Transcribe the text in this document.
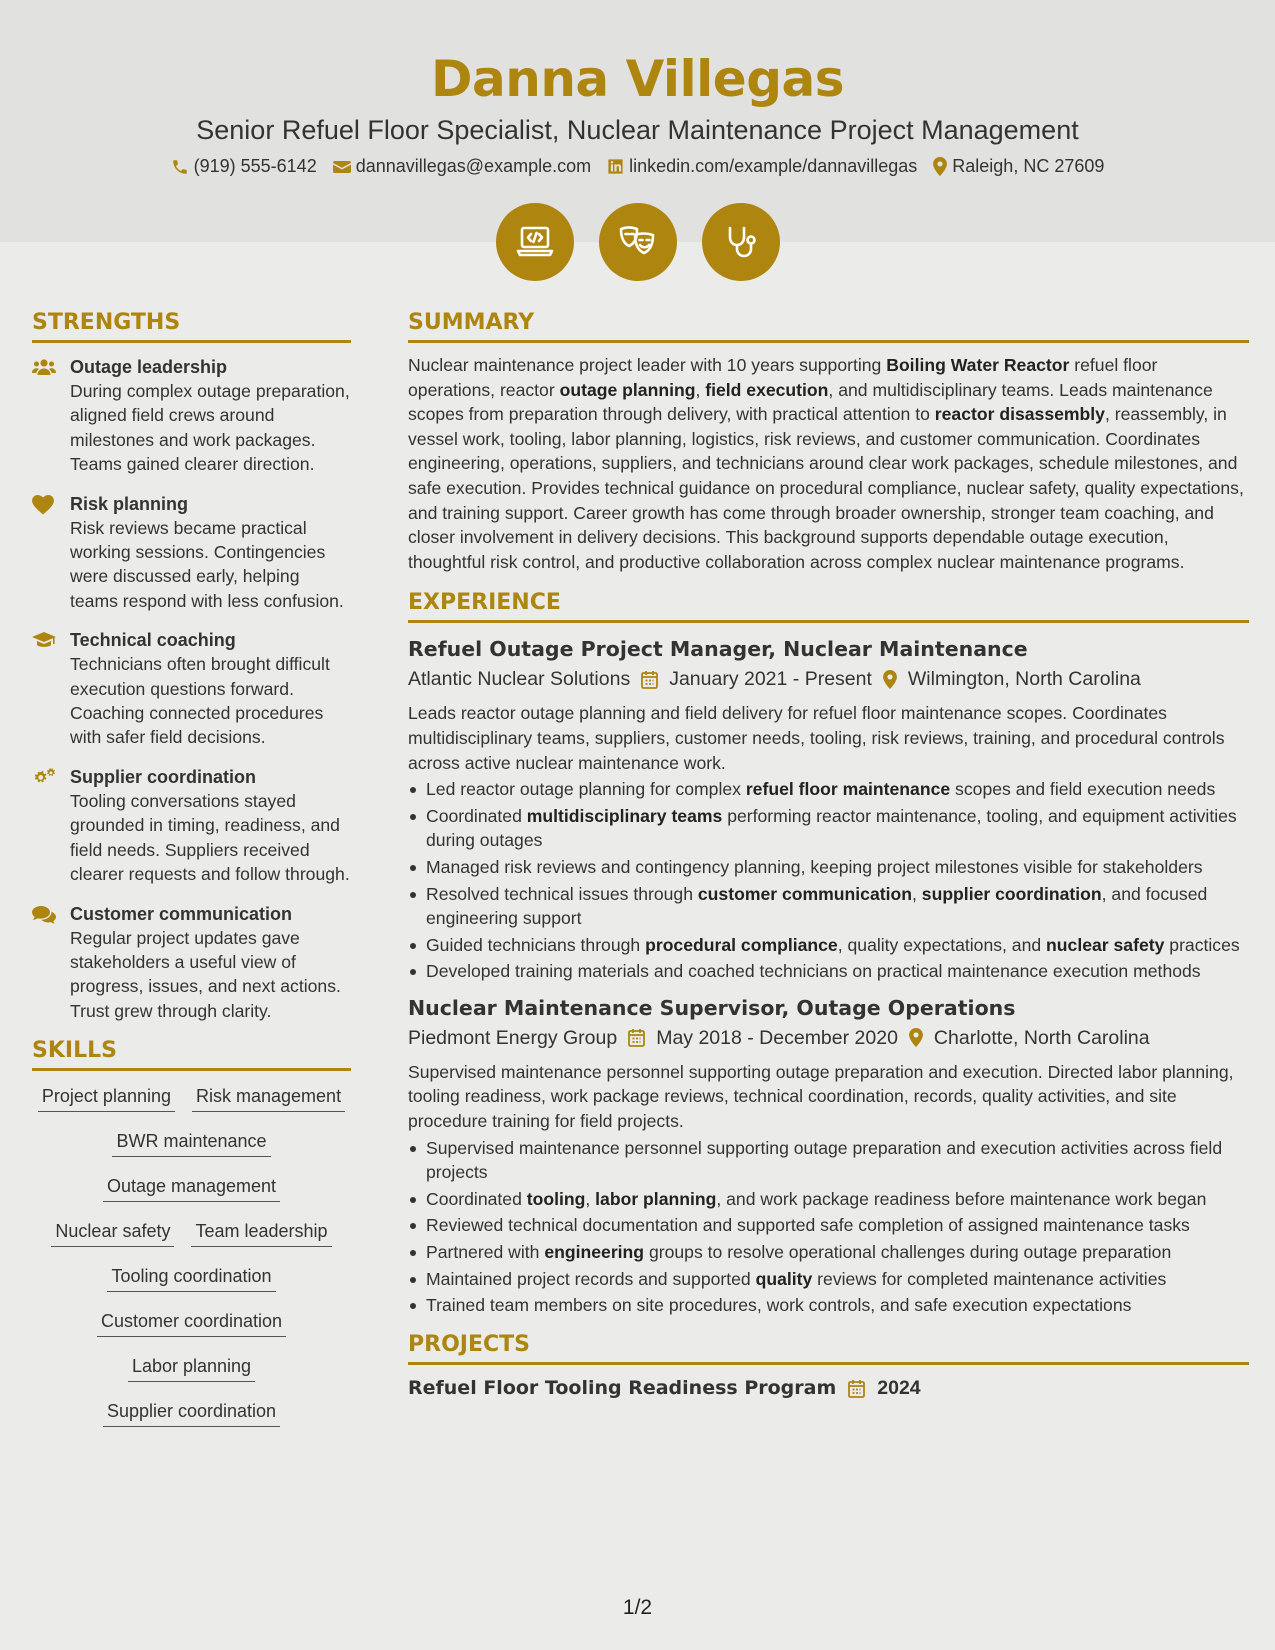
Danna Villegas
Senior Refuel Floor Specialist, Nuclear Maintenance Project Management
(919) 555-6142 dannavillegas@example.com linkedin.com/example/dannavillegas Raleigh, NC 27609
STRENGTHS
Outage leadership
During complex outage preparation, aligned field crews around milestones and work packages. Teams gained clearer direction.
Risk planning
Risk reviews became practical working sessions. Contingencies were discussed early, helping teams respond with less confusion.
Technical coaching
Technicians often brought difficult execution questions forward. Coaching connected procedures with safer field decisions.
Supplier coordination
Tooling conversations stayed grounded in timing, readiness, and field needs. Suppliers received clearer requests and follow through.
Customer communication
Regular project updates gave stakeholders a useful view of progress, issues, and next actions. Trust grew through clarity.
SKILLS
Project planning Risk management
BWR maintenance
Outage management
Nuclear safety Team leadership
Tooling coordination
Customer coordination
Labor planning
Supplier coordination
SUMMARY

Nuclear maintenance project leader with 10 years supporting Boiling Water Reactor refuel floor operations, reactor outage planning, field execution, and multidisciplinary teams. Leads maintenance scopes from preparation through delivery, with practical attention to reactor disassembly, reassembly, in vessel work, tooling, labor planning, logistics, risk reviews, and customer communication. Coordinates engineering, operations, suppliers, and technicians around clear work packages, schedule milestones, and safe execution. Provides technical guidance on procedural compliance, nuclear safety, quality expectations, and training support. Career growth has come through broader ownership, stronger team coaching, and closer involvement in delivery decisions. This background supports dependable outage execution, thoughtful risk control, and productive collaboration across complex nuclear maintenance programs.

EXPERIENCE
Refuel Outage Project Manager, Nuclear Maintenance
Atlantic Nuclear Solutions January 2021 - Present Wilmington, North Carolina

Leads reactor outage planning and field delivery for refuel floor maintenance scopes. Coordinates multidisciplinary teams, suppliers, customer needs, tooling, risk reviews, training, and procedural controls across active nuclear maintenance work.

Led reactor outage planning for complex refuel floor maintenance scopes and field execution needs
Coordinated multidisciplinary teams performing reactor maintenance, tooling, and equipment activities during outages
Managed risk reviews and contingency planning, keeping project milestones visible for stakeholders
Resolved technical issues through customer communication, supplier coordination, and focused engineering support
Guided technicians through procedural compliance, quality expectations, and nuclear safety practices
Developed training materials and coached technicians on practical maintenance execution methods
Nuclear Maintenance Supervisor, Outage Operations
Piedmont Energy Group May 2018 - December 2020 Charlotte, North Carolina

Supervised maintenance personnel supporting outage preparation and execution. Directed labor planning, tooling readiness, work package reviews, technical coordination, records, quality activities, and site procedure training for field projects.

Supervised maintenance personnel supporting outage preparation and execution activities across field projects
Coordinated tooling, labor planning, and work package readiness before maintenance work began
Reviewed technical documentation and supported safe completion of assigned maintenance tasks
Partnered with engineering groups to resolve operational challenges during outage preparation
Maintained project records and supported quality reviews for completed maintenance activities
Trained team members on site procedures, work controls, and safe execution expectations
PROJECTS
Refuel Floor Tooling Readiness Program 2024
1/2
